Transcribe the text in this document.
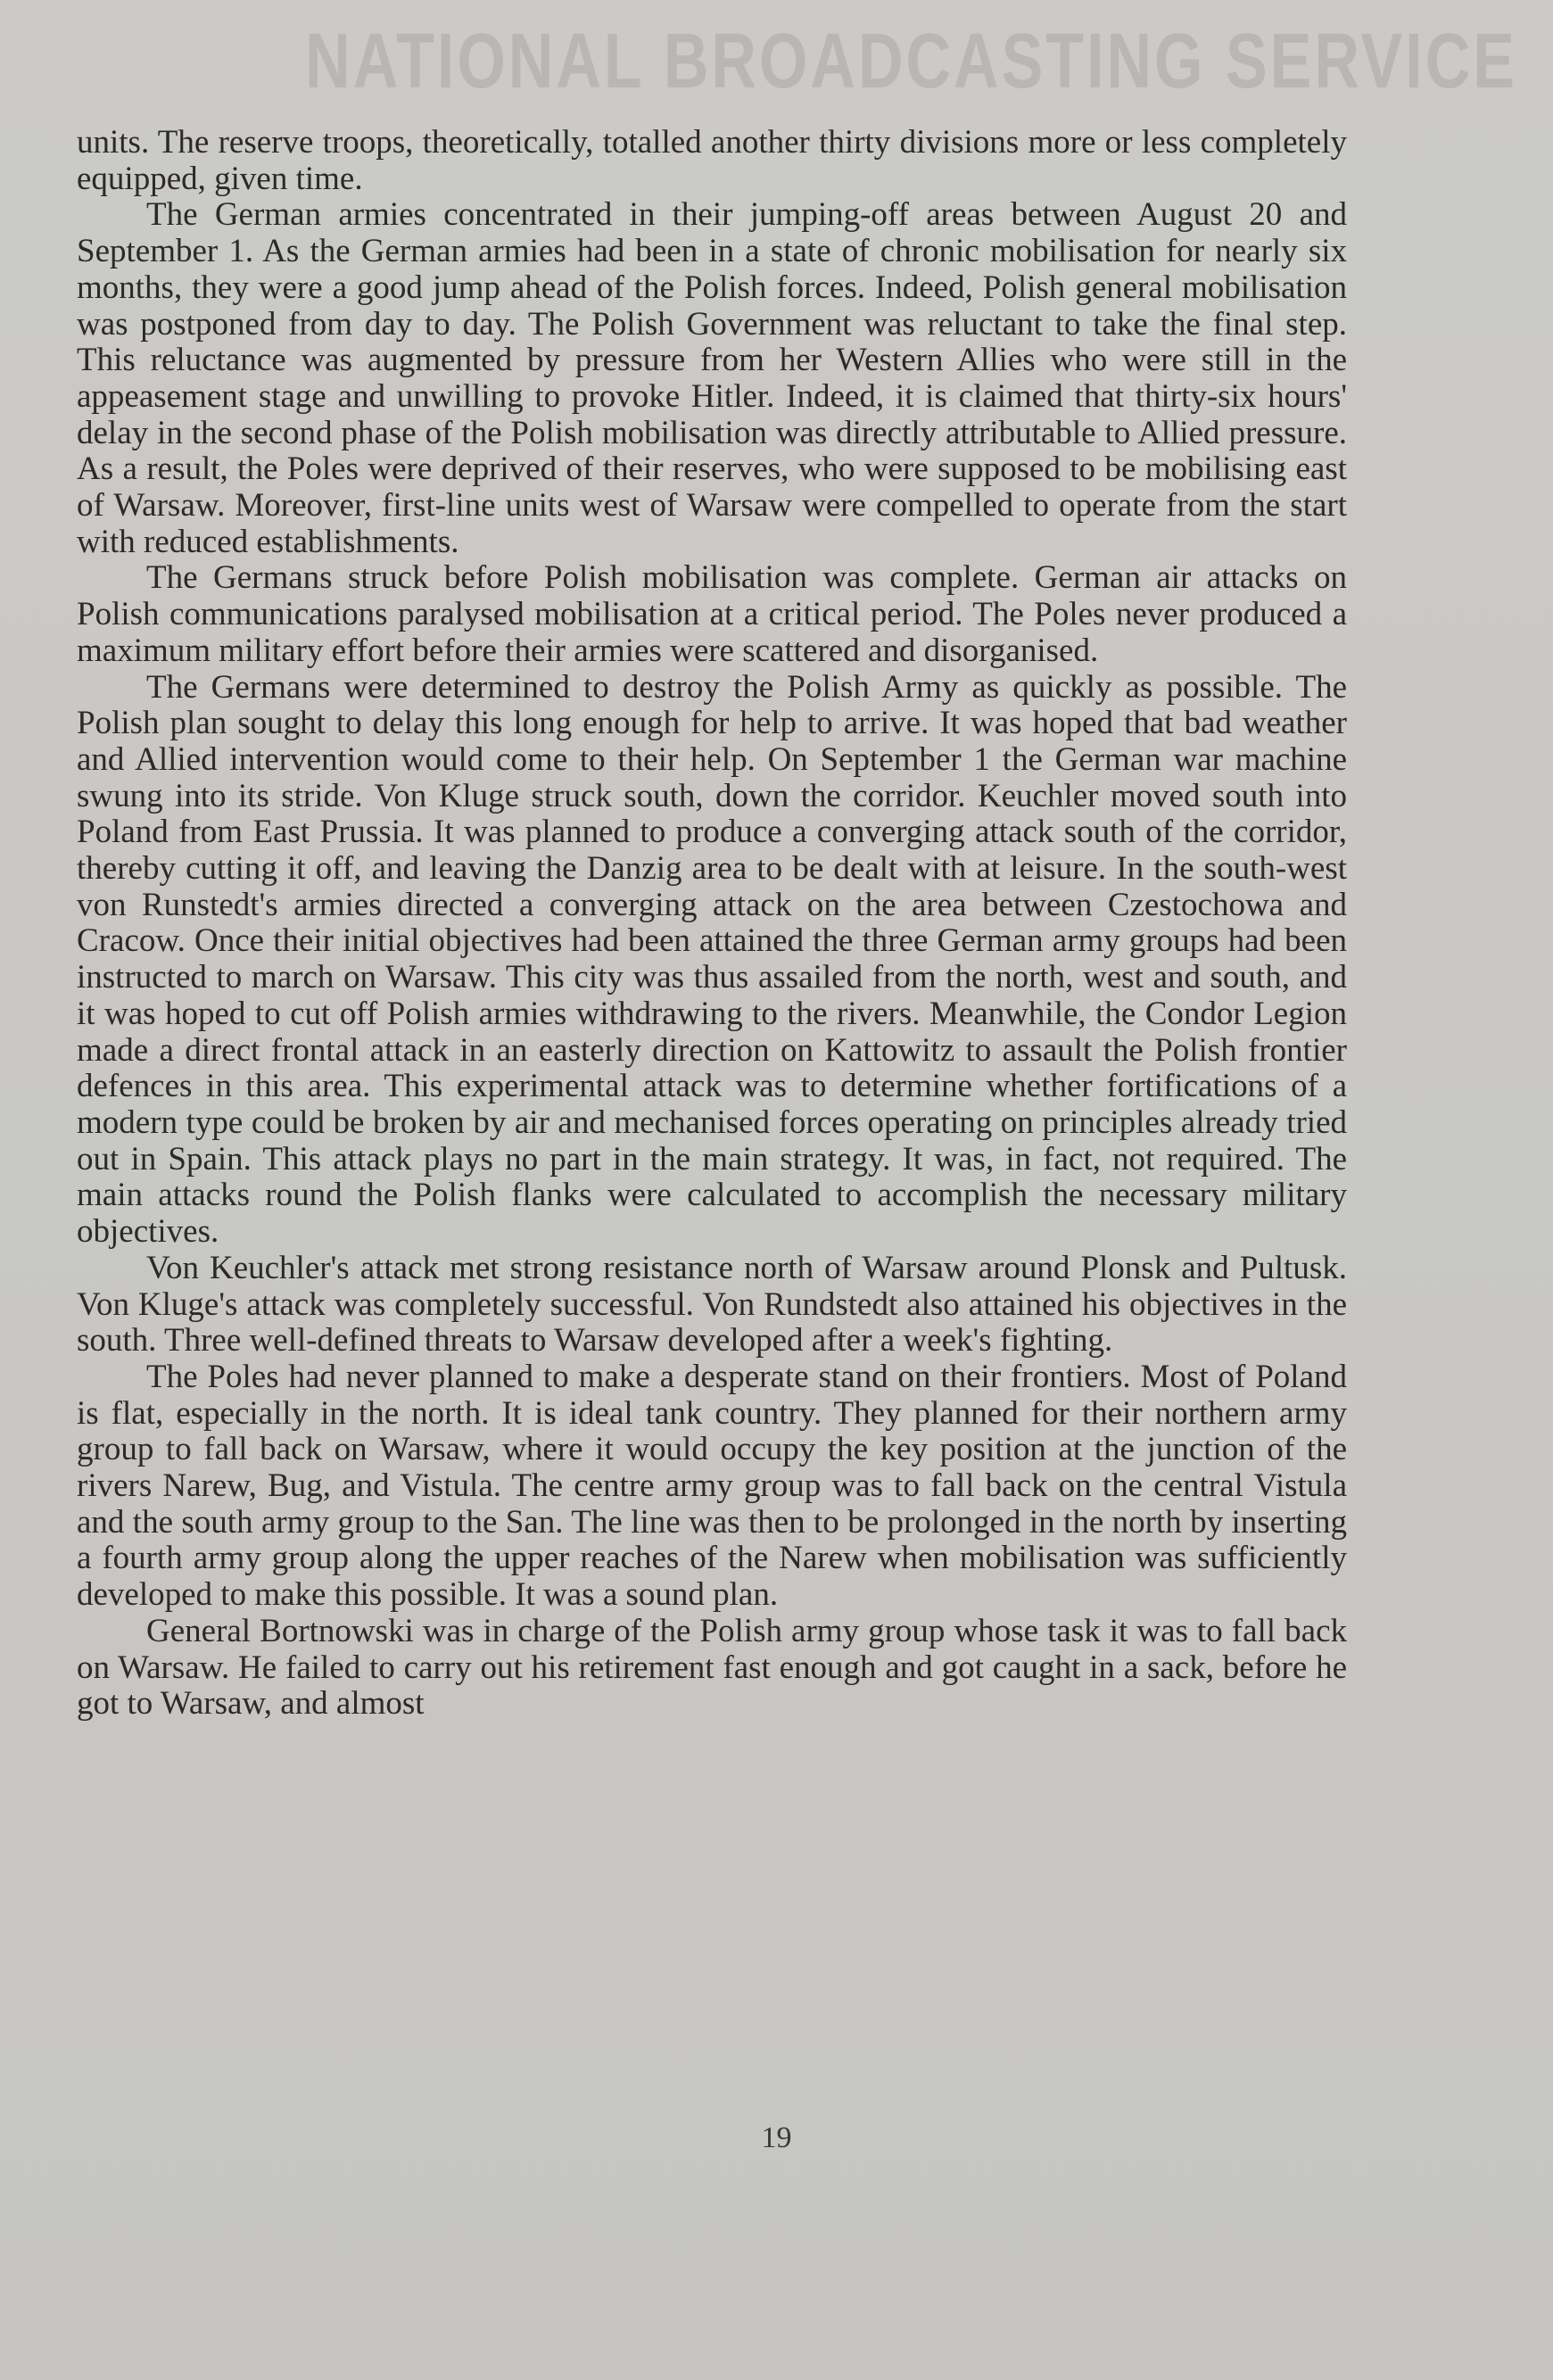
NATIONAL BROADCASTING SERVICE

units. The reserve troops, theoretically, totalled another thirty divisions more or less completely equipped, given time.

The German armies concentrated in their jumping-off areas between August 20 and September 1. As the German armies had been in a state of chronic mobilisation for nearly six months, they were a good jump ahead of the Polish forces. Indeed, Polish general mobilisation was postponed from day to day. The Polish Government was reluctant to take the final step. This reluctance was augmented by pressure from her Western Allies who were still in the appeasement stage and unwilling to provoke Hitler. Indeed, it is claimed that thirty-six hours' delay in the second phase of the Polish mobilisation was directly attributable to Allied pressure. As a result, the Poles were deprived of their reserves, who were supposed to be mobilising east of Warsaw. Moreover, first-line units west of Warsaw were compelled to operate from the start with reduced establishments.

The Germans struck before Polish mobilisation was complete. German air attacks on Polish communications paralysed mobilisation at a critical period. The Poles never produced a maximum military effort before their armies were scattered and disorganised.

The Germans were determined to destroy the Polish Army as quickly as possible. The Polish plan sought to delay this long enough for help to arrive. It was hoped that bad weather and Allied intervention would come to their help. On September 1 the German war machine swung into its stride. Von Kluge struck south, down the corridor. Keuchler moved south into Poland from East Prussia. It was planned to produce a converging attack south of the corridor, thereby cutting it off, and leaving the Danzig area to be dealt with at leisure. In the south-west von Runstedt's armies directed a converging attack on the area between Czestochowa and Cracow. Once their initial objectives had been attained the three German army groups had been instructed to march on Warsaw. This city was thus assailed from the north, west and south, and it was hoped to cut off Polish armies withdrawing to the rivers. Meanwhile, the Condor Legion made a direct frontal attack in an easterly direction on Kattowitz to assault the Polish frontier defences in this area. This experimental attack was to determine whether fortifications of a modern type could be broken by air and mechanised forces operating on principles already tried out in Spain. This attack plays no part in the main strategy. It was, in fact, not required. The main attacks round the Polish flanks were calculated to accomplish the necessary military objectives.

Von Keuchler's attack met strong resistance north of Warsaw around Plonsk and Pultusk. Von Kluge's attack was completely successful. Von Rundstedt also attained his objectives in the south. Three well-defined threats to Warsaw developed after a week's fighting.

The Poles had never planned to make a desperate stand on their frontiers. Most of Poland is flat, especially in the north. It is ideal tank country. They planned for their northern army group to fall back on Warsaw, where it would occupy the key position at the junction of the rivers Narew, Bug, and Vistula. The centre army group was to fall back on the central Vistula and the south army group to the San. The line was then to be prolonged in the north by inserting a fourth army group along the upper reaches of the Narew when mobilisation was sufficiently developed to make this possible. It was a sound plan.

General Bortnowski was in charge of the Polish army group whose task it was to fall back on Warsaw. He failed to carry out his retirement fast enough and got caught in a sack, before he got to Warsaw, and almost

19
